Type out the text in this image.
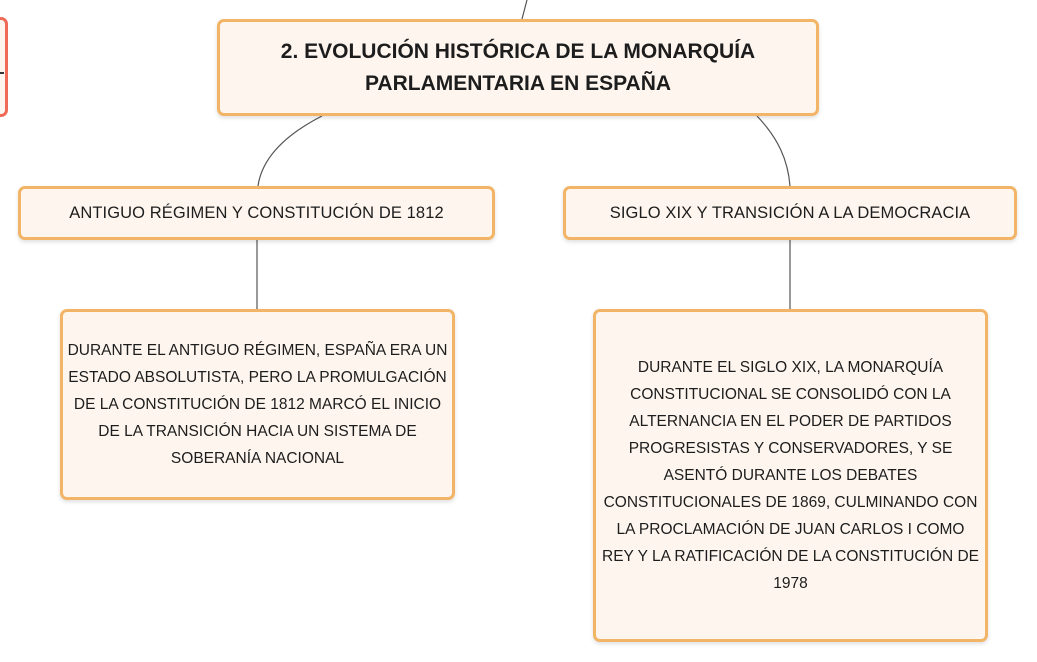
2. EVOLUCIÓN HISTÓRICA DE LA MONARQUÍA PARLAMENTARIA EN ESPAÑA
ANTIGUO RÉGIMEN Y CONSTITUCIÓN DE 1812	SIGLO XIX Y TRANSICIÓN A LA DEMOCRACIA
DURANTE EL ANTIGUO RÉGIMEN, ESPAÑA ERA UN ESTADO ABSOLUTISTA, PERO LA PROMULGACIÓN DE LA CONSTITUCIÓN DE 1812 MARCÓ EL INICIO DE LA TRANSICIÓN HACIA UN SISTEMA DE SOBERANÍA NACIONAL
DURANTE EL SIGLO XIX, LA MONARQUÍA CONSTITUCIONAL SE CONSOLIDÓ CON LA ALTERNANCIA EN EL PODER DE PARTIDOS PROGRESISTAS Y CONSERVADORES, Y SE ASENTÓ DURANTE LOS DEBATES CONSTITUCIONALES DE 1869, CULMINANDO CON LA PROCLAMACIÓN DE JUAN CARLOS I COMO REY Y LA RATIFICACIÓN DE LA CONSTITUCIÓN DE 1978
